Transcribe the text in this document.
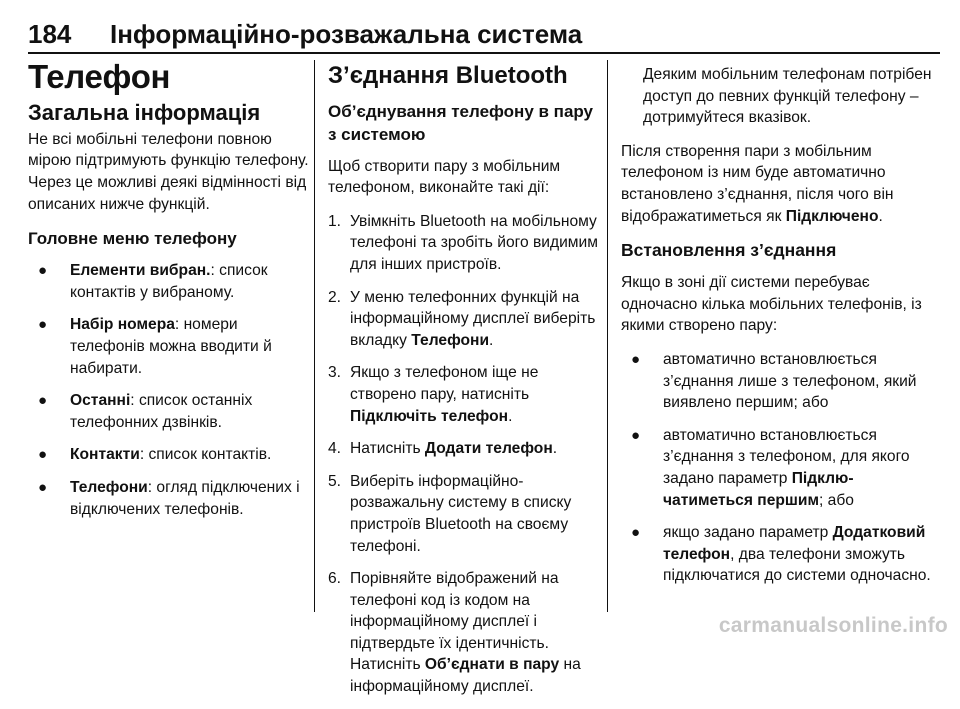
184	Інформаційно-розважальна система
Телефон
Загальна інформація

Не всі мобільні телефони повною мірою підтримують функцію телефону. Через це можливі деякі відмінності від описаних нижче функцій.

Головне меню телефону
● Елементи вибран.: список контактів у вибраному.
● Набір номера: номери телефонів можна вводити й набирати.
● Останні: список останніх телефонних дзвінків.
● Контакти: список контактів.
● Телефони: огляд підключених і відключених телефонів.
З’єднання Bluetooth
Об’єднування телефону в пару з системою

Щоб створити пару з мобільним телефоном, виконайте такі дії:

1. Увімкніть Bluetooth на мобільному телефоні та зробіть його видимим для інших пристроїв.
2. У меню телефонних функцій на інформаційному дисплеї виберіть вкладку Телефони.
3. Якщо з телефоном іще не створено пару, натисніть Підключіть телефон.
4. Натисніть Додати телефон.
5. Виберіть інформаційно-розважальну систему в списку пристроїв Bluetooth на своєму телефоні.
6. Порівняйте відображений на телефоні код із кодом на інформаційному дисплеї і підтвердьте їх ідентичність. Натисніть Об’єднати в пару на інформаційному дисплеї.
Деяким мобільним телефонам потрібен доступ до певних функцій телефону – дотримуйтеся вказівок.

Після створення пари з мобільним телефоном із ним буде автоматично встановлено з’єднання, після чого він відображатиметься як Підключено.

Встановлення з’єднання

Якщо в зоні дії системи перебуває одночасно кілька мобільних телефонів, із якими створено пару:

● автоматично встановлюється з’єднання лише з телефоном, який виявлено першим; або
● автоматично встановлюється з’єднання з телефоном, для якого задано параметр Підклю-чатиметься першим; або
● якщо задано параметр Додатковий телефон, два телефони зможуть підключатися до системи одночасно.
carmanualsonline.info
